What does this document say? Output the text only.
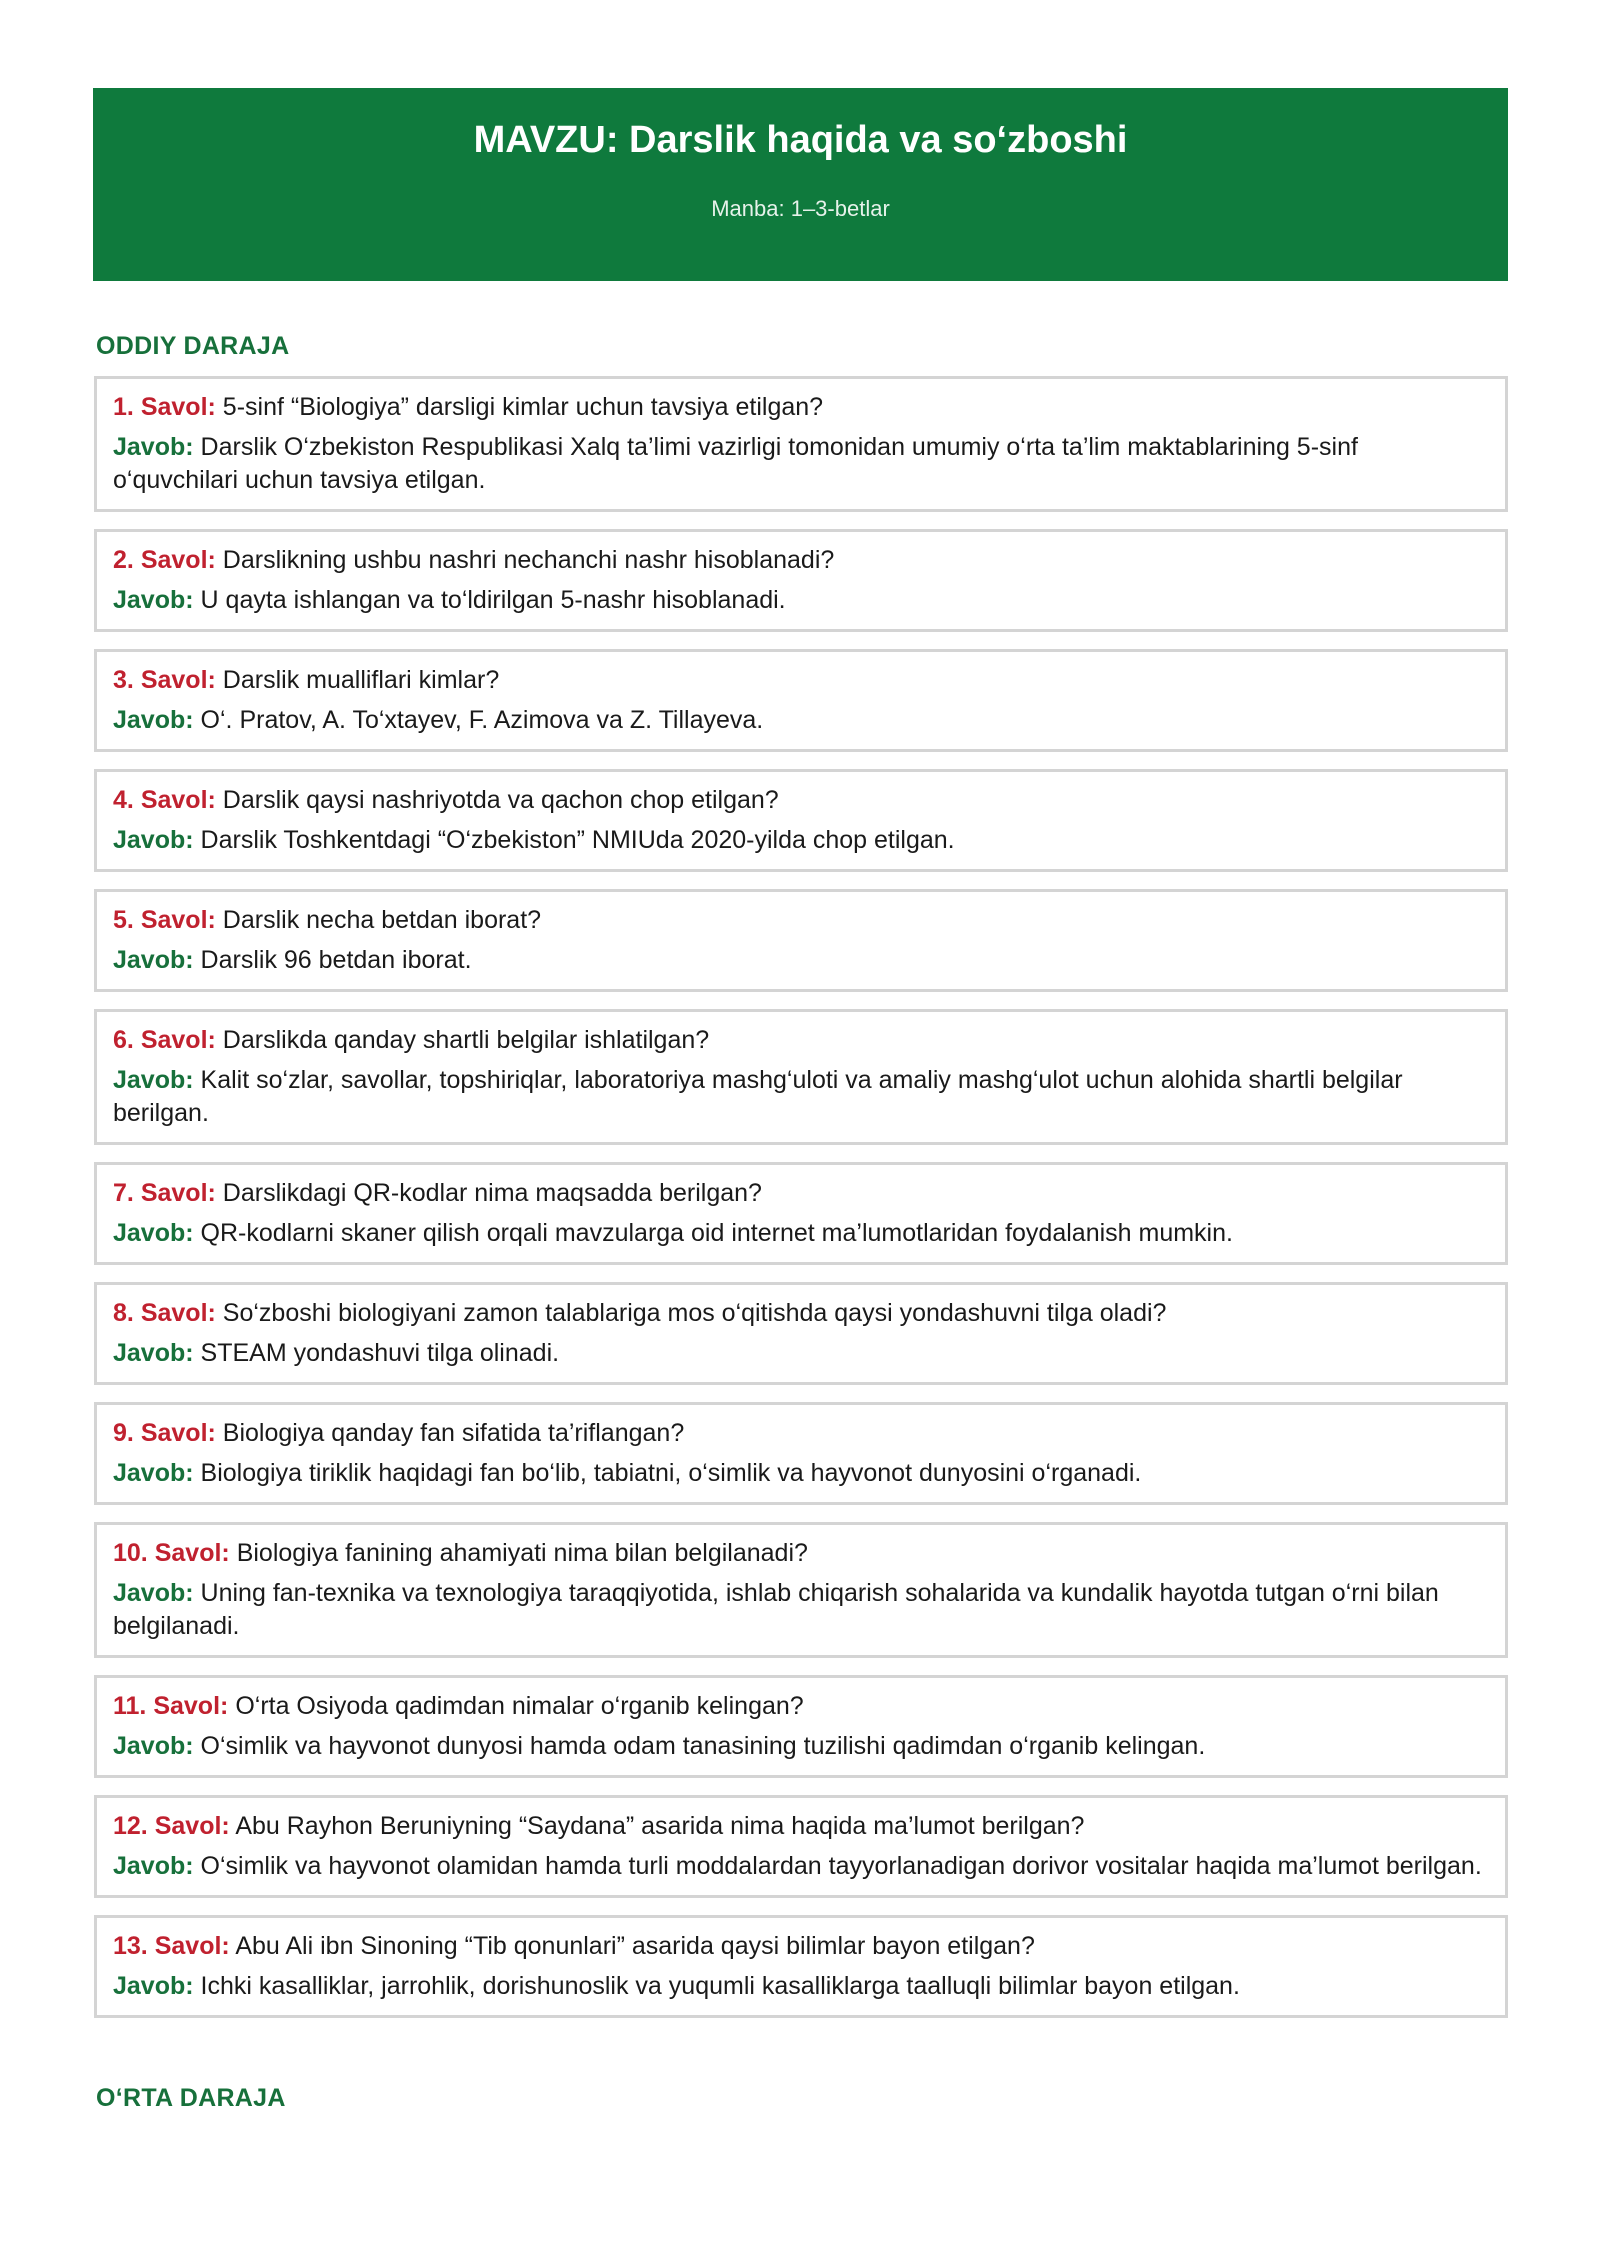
MAVZU: Darslik haqida va so‘zboshi
Manba: 1–3-betlar
ODDIY DARAJA

1. Savol: 5-sinf “Biologiya” darsligi kimlar uchun tavsiya etilgan?

Javob: Darslik O‘zbekiston Respublikasi Xalq ta’limi vazirligi tomonidan umumiy o‘rta ta’lim maktablarining 5-sinf o‘quvchilari uchun tavsiya etilgan.

2. Savol: Darslikning ushbu nashri nechanchi nashr hisoblanadi?

Javob: U qayta ishlangan va to‘ldirilgan 5-nashr hisoblanadi.

3. Savol: Darslik mualliflari kimlar?

Javob: O‘. Pratov, A. To‘xtayev, F. Azimova va Z. Tillayeva.

4. Savol: Darslik qaysi nashriyotda va qachon chop etilgan?

Javob: Darslik Toshkentdagi “O‘zbekiston” NMIUda 2020-yilda chop etilgan.

5. Savol: Darslik necha betdan iborat?

Javob: Darslik 96 betdan iborat.

6. Savol: Darslikda qanday shartli belgilar ishlatilgan?

Javob: Kalit so‘zlar, savollar, topshiriqlar, laboratoriya mashg‘uloti va amaliy mashg‘ulot uchun alohida shartli belgilar berilgan.

7. Savol: Darslikdagi QR-kodlar nima maqsadda berilgan?

Javob: QR-kodlarni skaner qilish orqali mavzularga oid internet ma’lumotlaridan foydalanish mumkin.

8. Savol: So‘zboshi biologiyani zamon talablariga mos o‘qitishda qaysi yondashuvni tilga oladi?

Javob: STEAM yondashuvi tilga olinadi.

9. Savol: Biologiya qanday fan sifatida ta’riflangan?

Javob: Biologiya tiriklik haqidagi fan bo‘lib, tabiatni, o‘simlik va hayvonot dunyosini o‘rganadi.

10. Savol: Biologiya fanining ahamiyati nima bilan belgilanadi?

Javob: Uning fan-texnika va texnologiya taraqqiyotida, ishlab chiqarish sohalarida va kundalik hayotda tutgan o‘rni bilan belgilanadi.

11. Savol: O‘rta Osiyoda qadimdan nimalar o‘rganib kelingan?

Javob: O‘simlik va hayvonot dunyosi hamda odam tanasining tuzilishi qadimdan o‘rganib kelingan.

12. Savol: Abu Rayhon Beruniyning “Saydana” asarida nima haqida ma’lumot berilgan?

Javob: O‘simlik va hayvonot olamidan hamda turli moddalardan tayyorlanadigan dorivor vositalar haqida ma’lumot berilgan.

13. Savol: Abu Ali ibn Sinoning “Tib qonunlari” asarida qaysi bilimlar bayon etilgan?

Javob: Ichki kasalliklar, jarrohlik, dorishunoslik va yuqumli kasalliklarga taalluqli bilimlar bayon etilgan.

O‘RTA DARAJA
